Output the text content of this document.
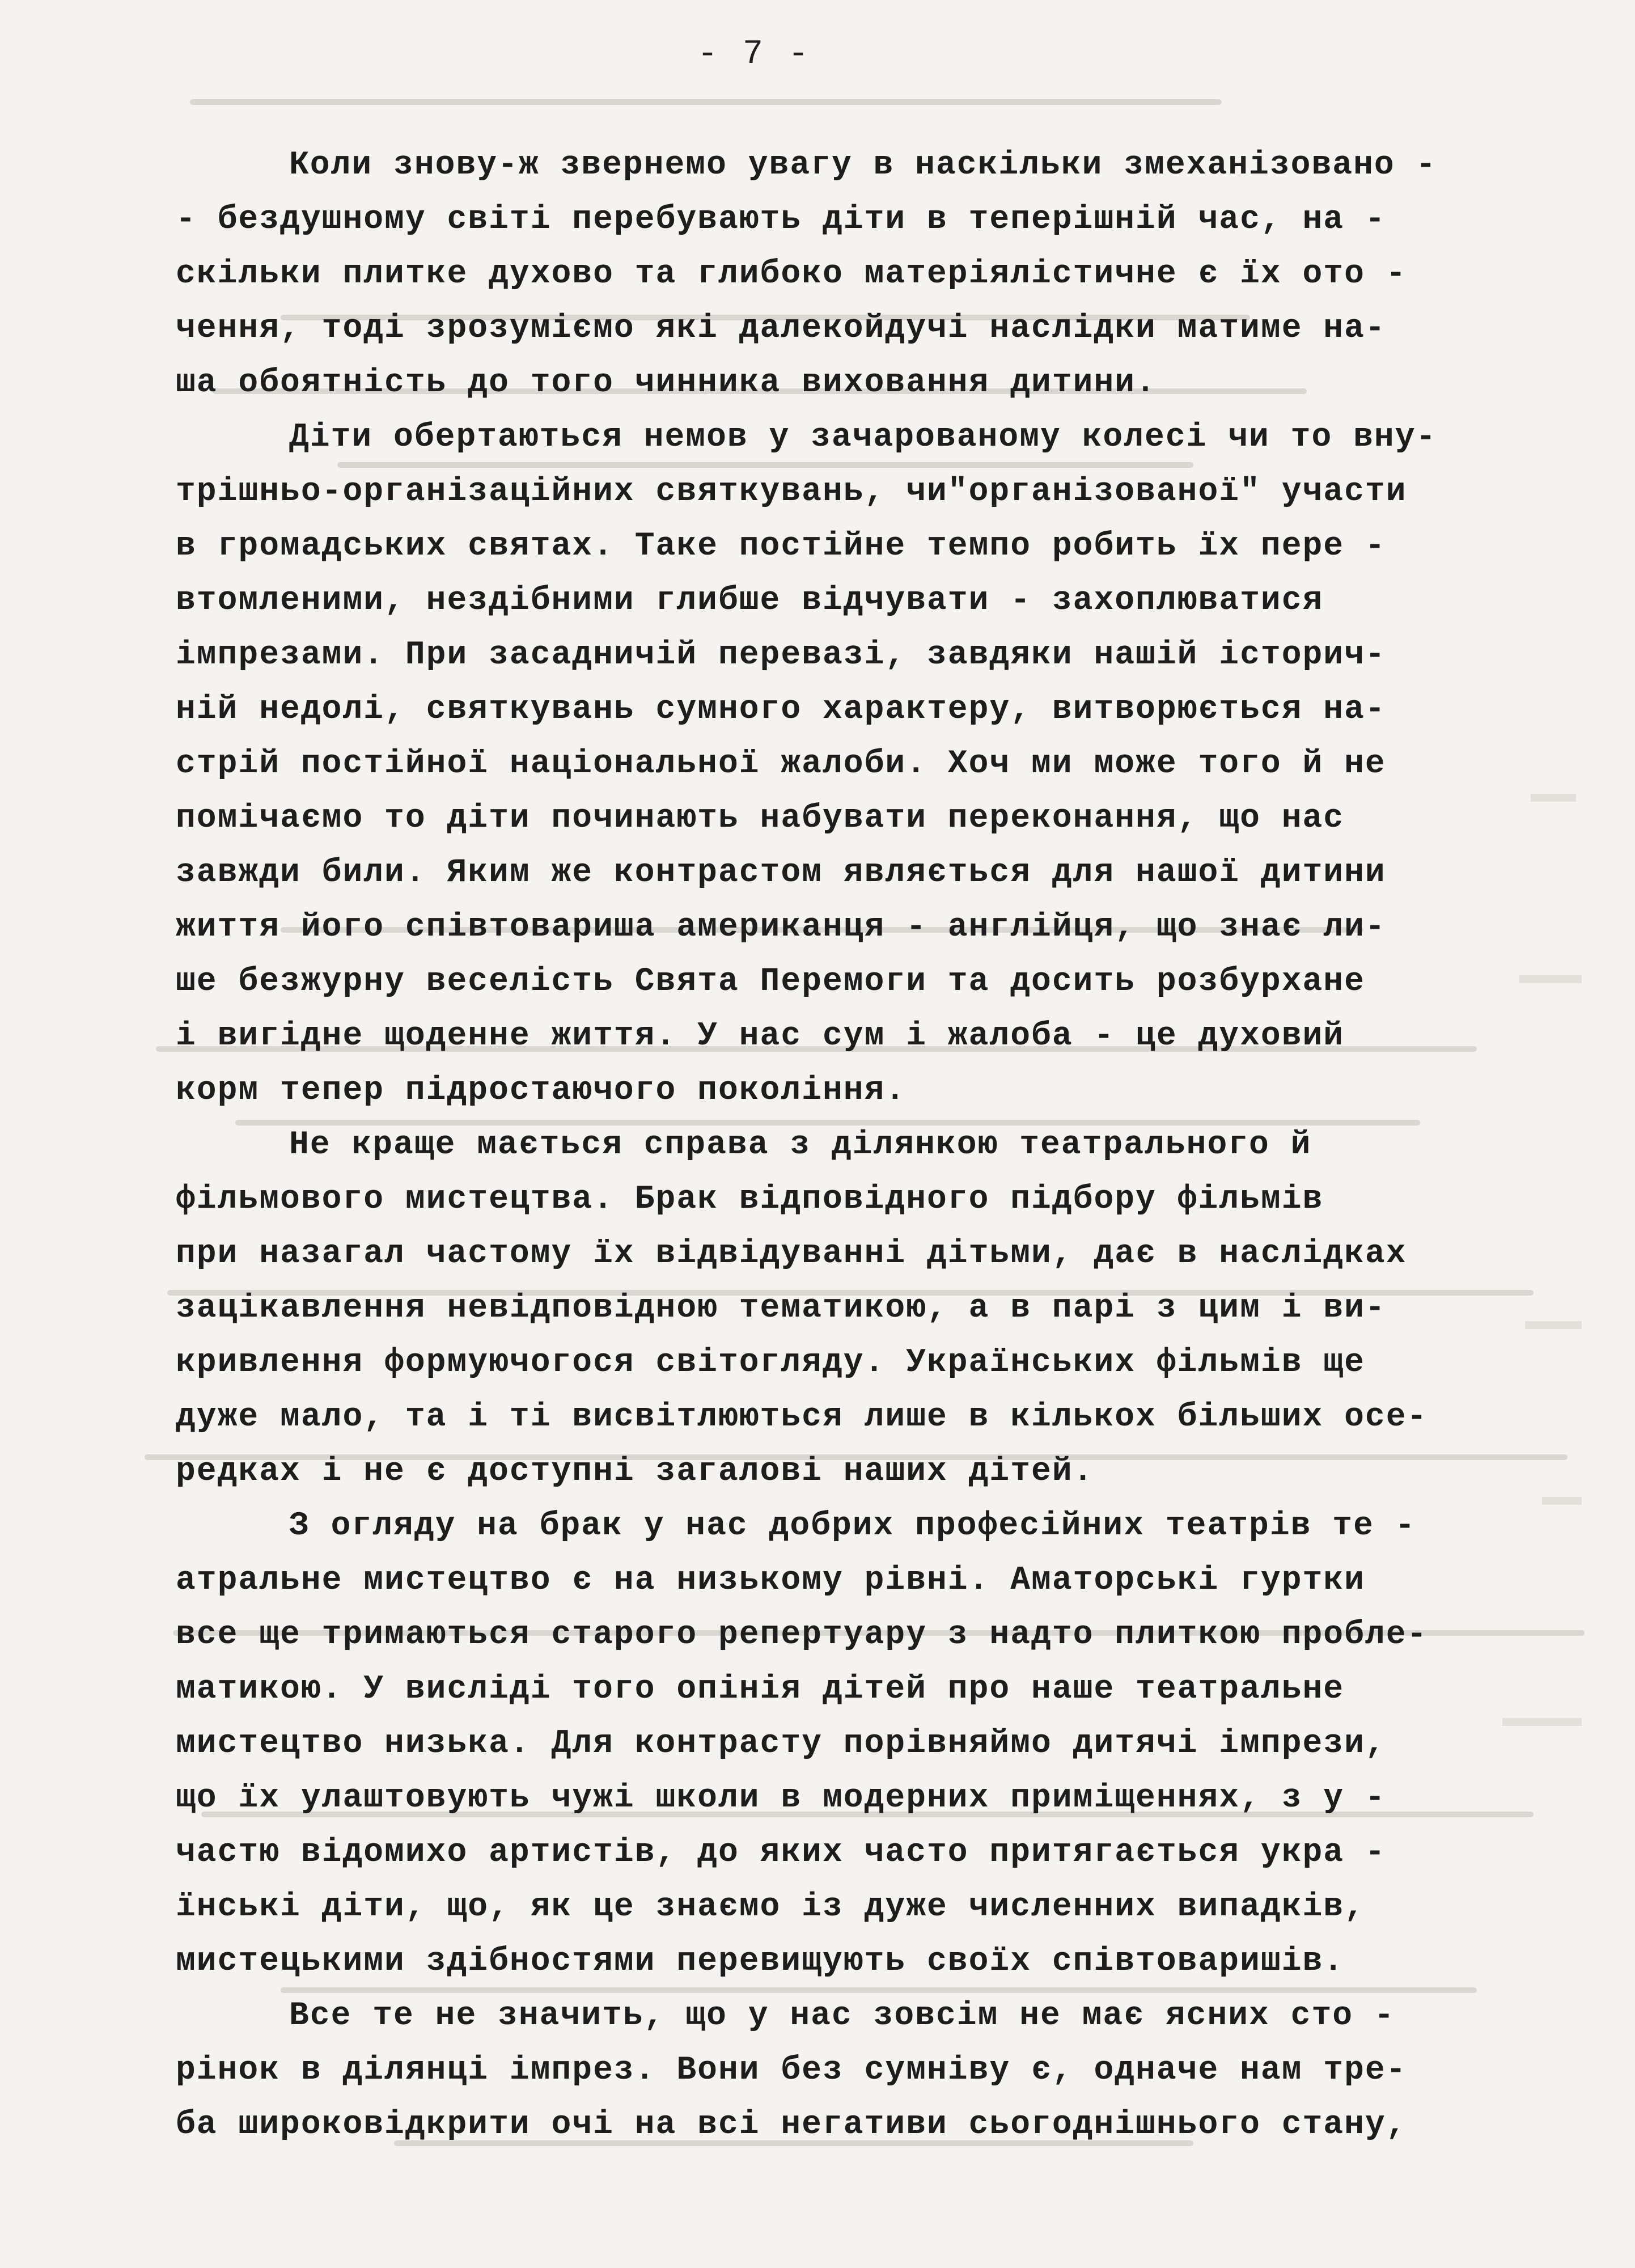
- 7 -
Коли знову-ж звернемо увагу в наскільки змеханізовано -
- бездушному світі перебувають діти в теперішній час, на -
скільки плитке духово та глибоко матеріялістичне є їх ото -
чення, тоді зрозуміємо які далекойдучі наслідки матиме на-
ша обоятність до того чинника виховання дитини.
Діти обертаються немов у зачарованому колесі чи то вну-
трішньо-організаційних святкувань, чи"організованої" участи
в громадських святах. Таке постійне темпо робить їх пере -
втомленими, нездібними глибше відчувати - захоплюватися
імпрезами. При засадничій перевазі, завдяки нашій історич-
ній недолі, святкувань сумного характеру, витворюється на-
стрій постійної національної жалоби. Хоч ми може того й не
помічаємо то діти починають набувати переконання, що нас
завжди били. Яким же контрастом являється для нашої дитини
життя його співтоваришa американця - англійця, що знає ли-
ше безжурну веселість Свята Перемоги та досить розбурхане
і вигідне щоденне життя. У нас сум і жалоба - це духовий
корм тепер підростаючого покоління.
Не краще мається справа з ділянкою театрального й
фільмового мистецтва. Брак відповідного підбору фільмів
при назагал частому їх відвідуванні дітьми, дає в наслідках
зацікавлення невідповідною тематикою, а в парі з цим і ви-
кривлення формуючогося світогляду. Українських фільмів ще
дуже мало, та і ті висвітлюються лише в кількох більших осе-
редках і не є доступні загалові наших дітей.
З огляду на брак у нас добрих професійних театрів те -
атральне мистецтво є на низькому рівні. Аматорські гуртки
все ще тримаються старого репертуару з надто плиткою пробле-
матикою. У висліді того опінія дітей про наше театральне
мистецтво низька. Для контрасту порівняймо дитячі імпрези,
що їх улаштовують чужі школи в модерних приміщеннях, з у -
частю відомихо артистів, до яких часто притягається укра -
їнські діти, що, як це знаємо із дуже численних випадків,
мистецькими здібностями перевищують своїх співтоваришів.
Все те не значить, що у нас зовсім не має ясних сто -
рінок в ділянці імпрез. Вони без сумніву є, одначе нам тре-
ба широковідкрити очі на всі негативи сьогоднішнього стану,
